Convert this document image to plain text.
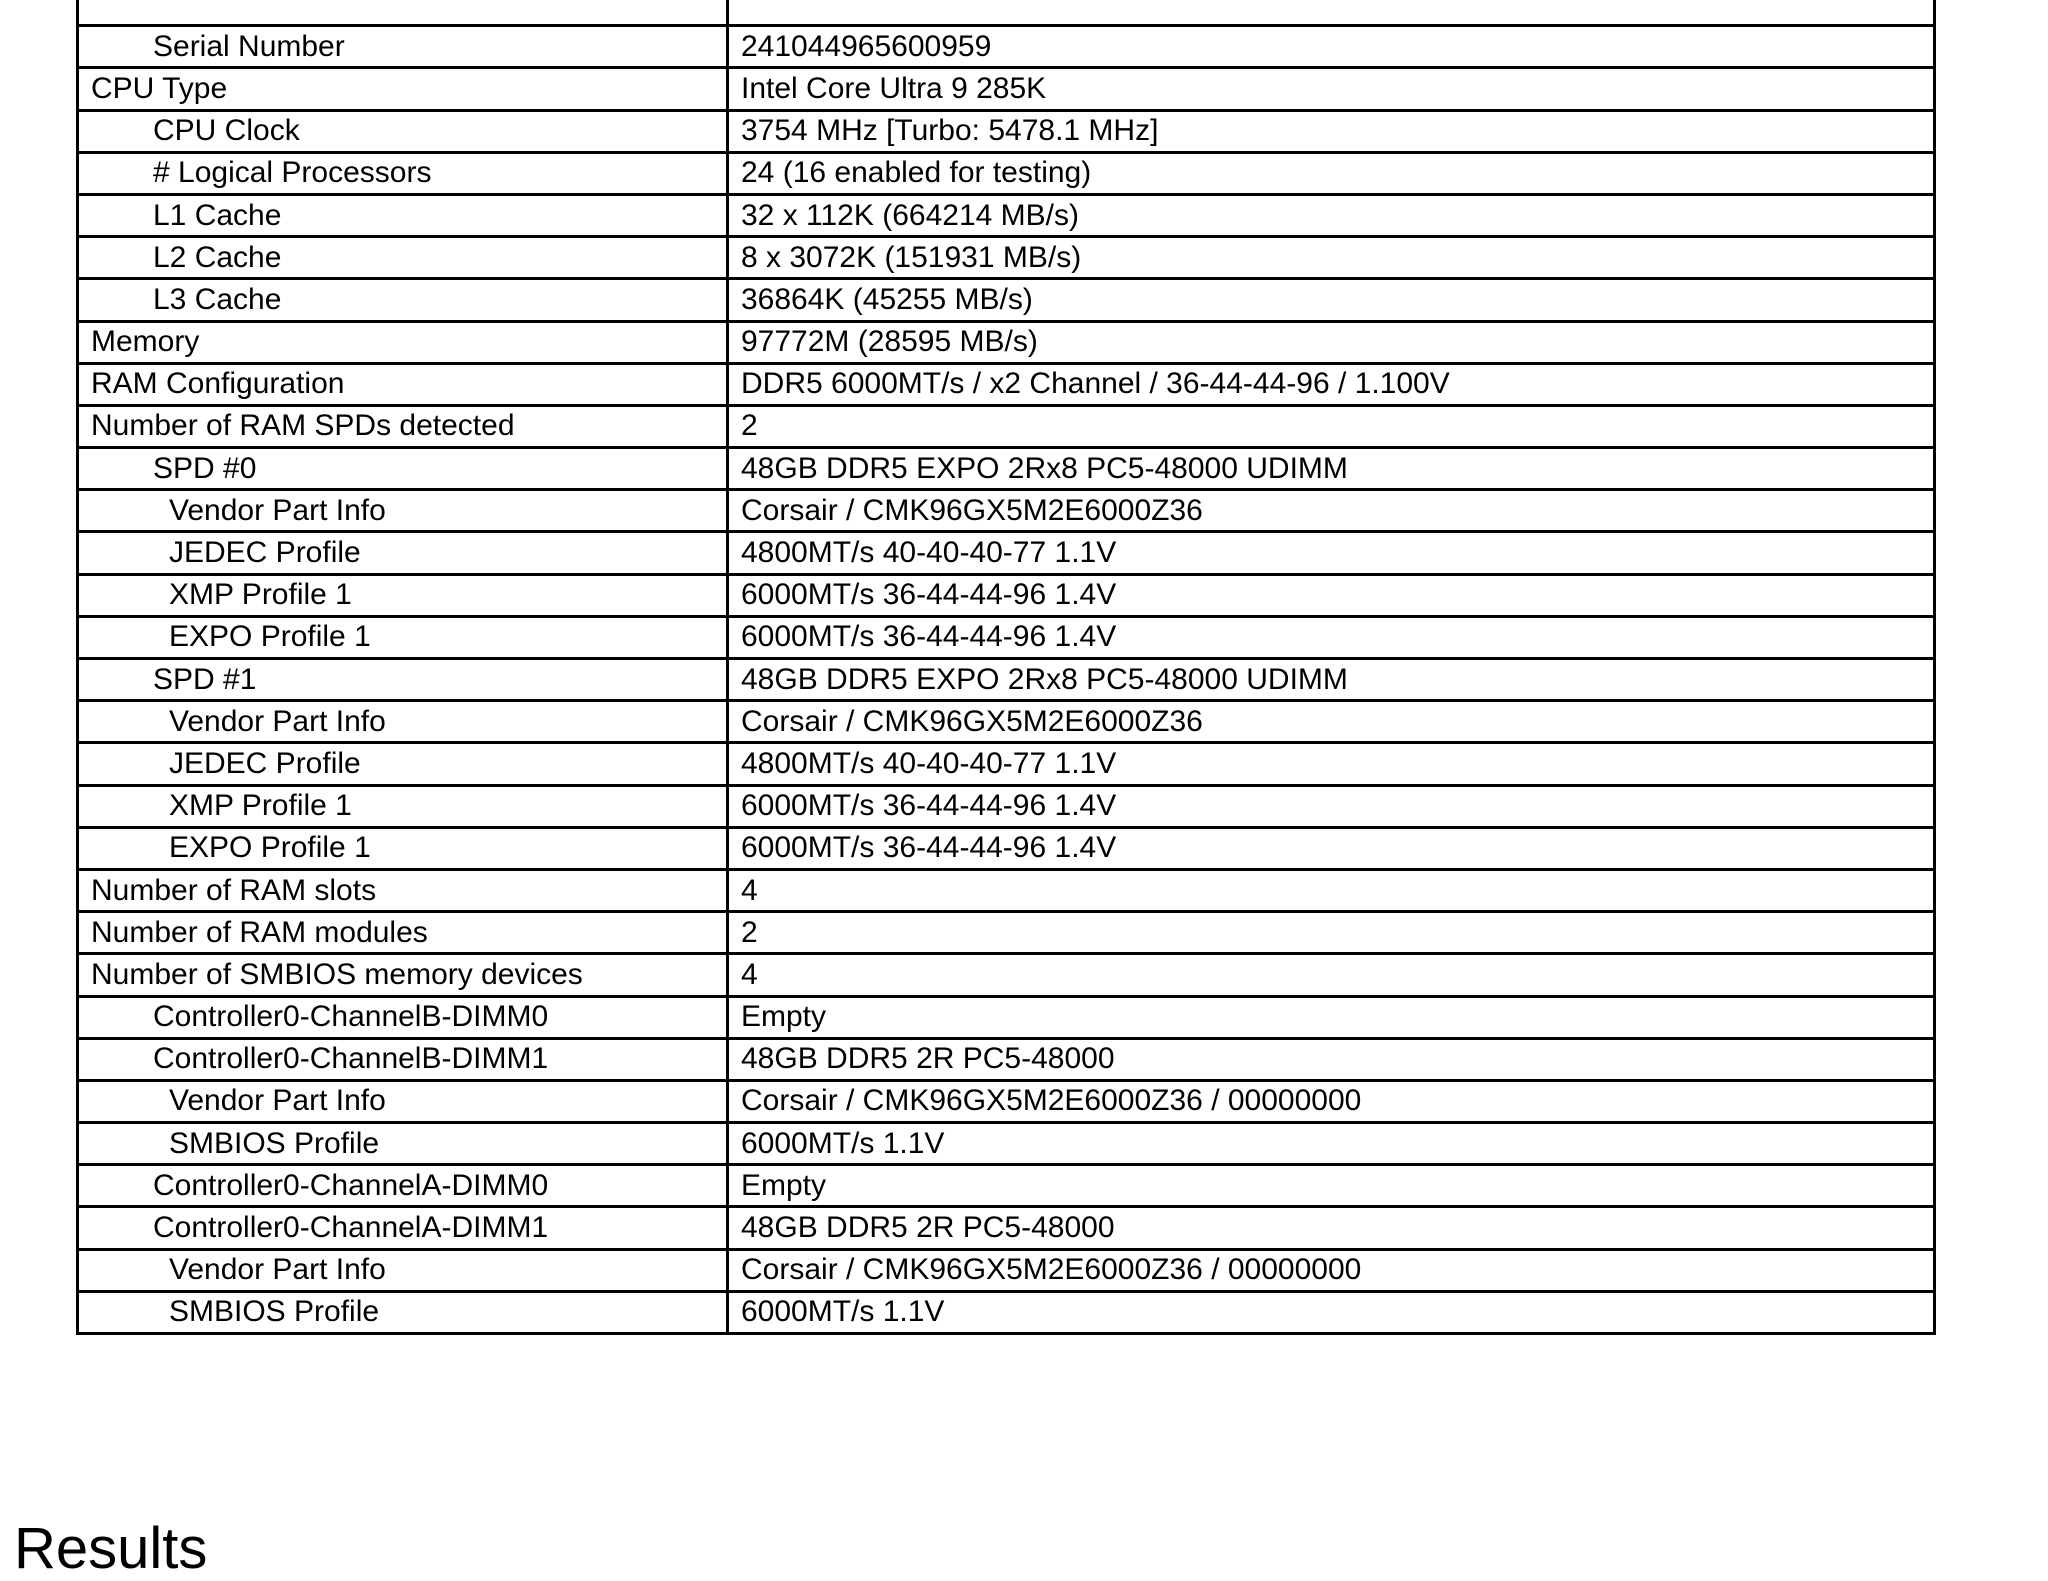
Serial Number	241044965600959
CPU Type	Intel Core Ultra 9 285K
CPU Clock	3754 MHz [Turbo: 5478.1 MHz]
# Logical Processors	24 (16 enabled for testing)
L1 Cache	32 x 112K (664214 MB/s)
L2 Cache	8 x 3072K (151931 MB/s)
L3 Cache	36864K (45255 MB/s)
Memory	97772M (28595 MB/s)
RAM Configuration	DDR5 6000MT/s / x2 Channel / 36-44-44-96 / 1.100V
Number of RAM SPDs detected	2
SPD #0	48GB DDR5 EXPO 2Rx8 PC5-48000 UDIMM
Vendor Part Info	Corsair / CMK96GX5M2E6000Z36
JEDEC Profile	4800MT/s 40-40-40-77 1.1V
XMP Profile 1	6000MT/s 36-44-44-96 1.4V
EXPO Profile 1	6000MT/s 36-44-44-96 1.4V
SPD #1	48GB DDR5 EXPO 2Rx8 PC5-48000 UDIMM
Vendor Part Info	Corsair / CMK96GX5M2E6000Z36
JEDEC Profile	4800MT/s 40-40-40-77 1.1V
XMP Profile 1	6000MT/s 36-44-44-96 1.4V
EXPO Profile 1	6000MT/s 36-44-44-96 1.4V
Number of RAM slots	4
Number of RAM modules	2
Number of SMBIOS memory devices	4
Controller0-ChannelB-DIMM0	Empty
Controller0-ChannelB-DIMM1	48GB DDR5 2R PC5-48000
Vendor Part Info	Corsair / CMK96GX5M2E6000Z36 / 00000000
SMBIOS Profile	6000MT/s 1.1V
Controller0-ChannelA-DIMM0	Empty
Controller0-ChannelA-DIMM1	48GB DDR5 2R PC5-48000
Vendor Part Info	Corsair / CMK96GX5M2E6000Z36 / 00000000
SMBIOS Profile	6000MT/s 1.1V
Results
